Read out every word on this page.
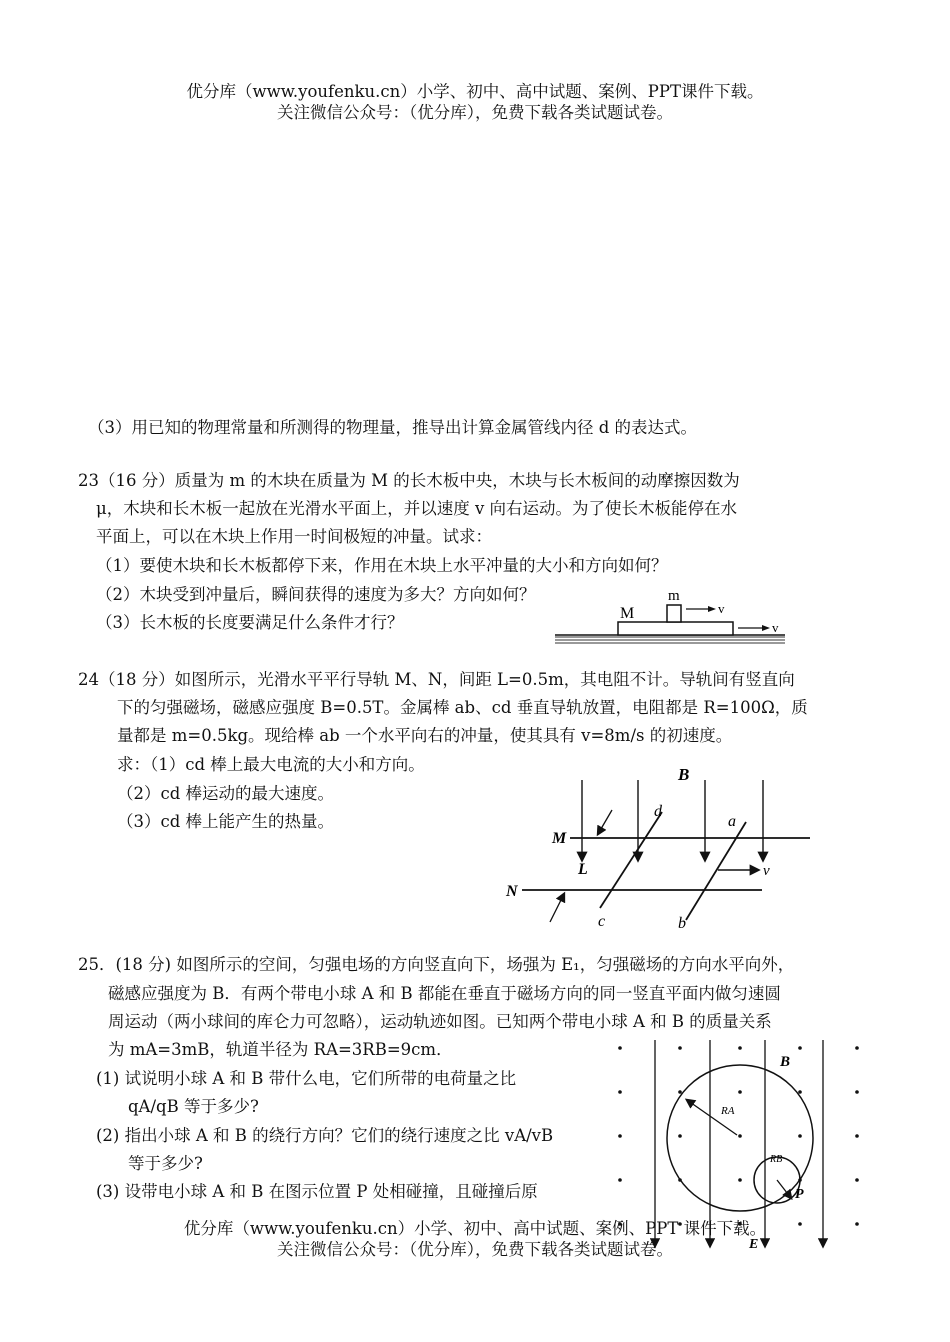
优分库（www.youfenku.cn）小学、初中、高中试题、案例、PPT课件下载。
关注微信公众号：（优分库），免费下载各类试题试卷。
（3）用已知的物理常量和所测得的物理量，推导出计算金属管线内径 d 的表达式。
23（16 分）质量为 m 的木块在质量为 M 的长木板中央，木块与长木板间的动摩擦因数为
μ，木块和长木板一起放在光滑水平面上，并以速度 v 向右运动。为了使长木板能停在水
平面上，可以在木块上作用一时间极短的冲量。试求：
（1）要使木块和长木板都停下来，作用在木块上水平冲量的大小和方向如何？
（2）木块受到冲量后，瞬间获得的速度为多大？方向如何？
（3）长木板的长度要满足什么条件才行？	M
m
v
v
24（18 分）如图所示，光滑水平平行导轨 M、N，间距 L=0.5m，其电阻不计。导轨间有竖直向
下的匀强磁场，磁感应强度 B=0.5T。金属棒 ab、cd 垂直导轨放置，电阻都是 R=100Ω，质
量都是 m=0.5kg。现给棒 ab 一个水平向右的冲量，使其具有 v=8m/s 的初速度。
求：（1）cd 棒上最大电流的大小和方向。
（2）cd 棒运动的最大速度。
（3）cd 棒上能产生的热量。
B
M
N
d
c
a
b
L	v
25．(18 分) 如图所示的空间，匀强电场的方向竖直向下，场强为 E₁，匀强磁场的方向水平向外，
磁感应强度为 B．有两个带电小球 A 和 B 都能在垂直于磁场方向的同一竖直平面内做匀速圆
周运动（两小球间的库仑力可忽略），运动轨迹如图。已知两个带电小球 A 和 B 的质量关系
为 mA=3mB，轨道半径为 RA=3RB=9cm．
(1) 试说明小球 A 和 B 带什么电，它们所带的电荷量之比
qA/qB 等于多少?
(2) 指出小球 A 和 B 的绕行方向？它们的绕行速度之比 vA/vB
等于多少?
(3) 设带电小球 A 和 B 在图示位置 P 处相碰撞，且碰撞后原
RA
RB
P
B
E
优分库（www.youfenku.cn）小学、初中、高中试题、案例、PPT 课件下载。
关注微信公众号：（优分库），免费下载各类试题试卷。
